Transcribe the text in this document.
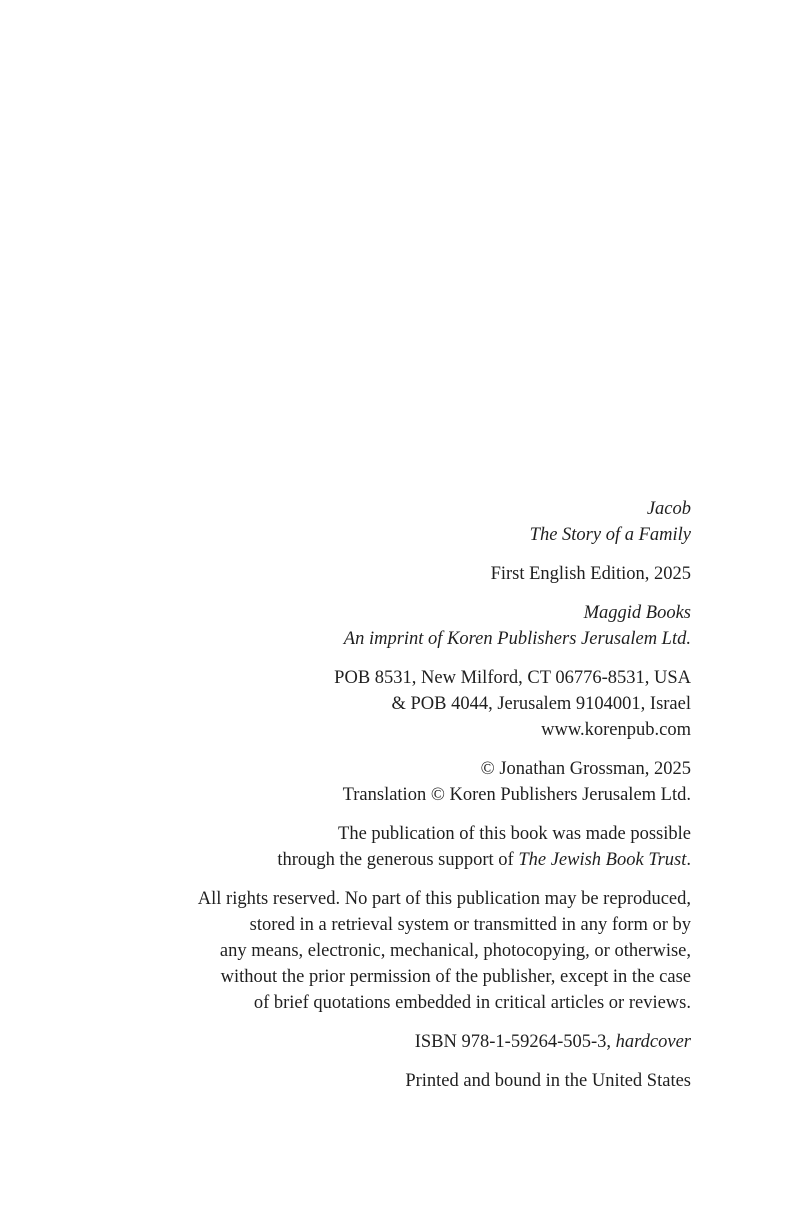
Jacob
The Story of a Family
First English Edition, 2025
Maggid Books
An imprint of Koren Publishers Jerusalem Ltd.
POB 8531, New Milford, CT 06776-8531, USA
& POB 4044, Jerusalem 9104001, Israel
www.korenpub.com
© Jonathan Grossman, 2025
Translation © Koren Publishers Jerusalem Ltd.
The publication of this book was made possible
through the generous support of The Jewish Book Trust.
All rights reserved. No part of this publication may be reproduced,
stored in a retrieval system or transmitted in any form or by
any means, electronic, mechanical, photocopying, or otherwise,
without the prior permission of the publisher, except in the case
of brief quotations embedded in critical articles or reviews.
ISBN 978-1-59264-505-3, hardcover
Printed and bound in the United States
